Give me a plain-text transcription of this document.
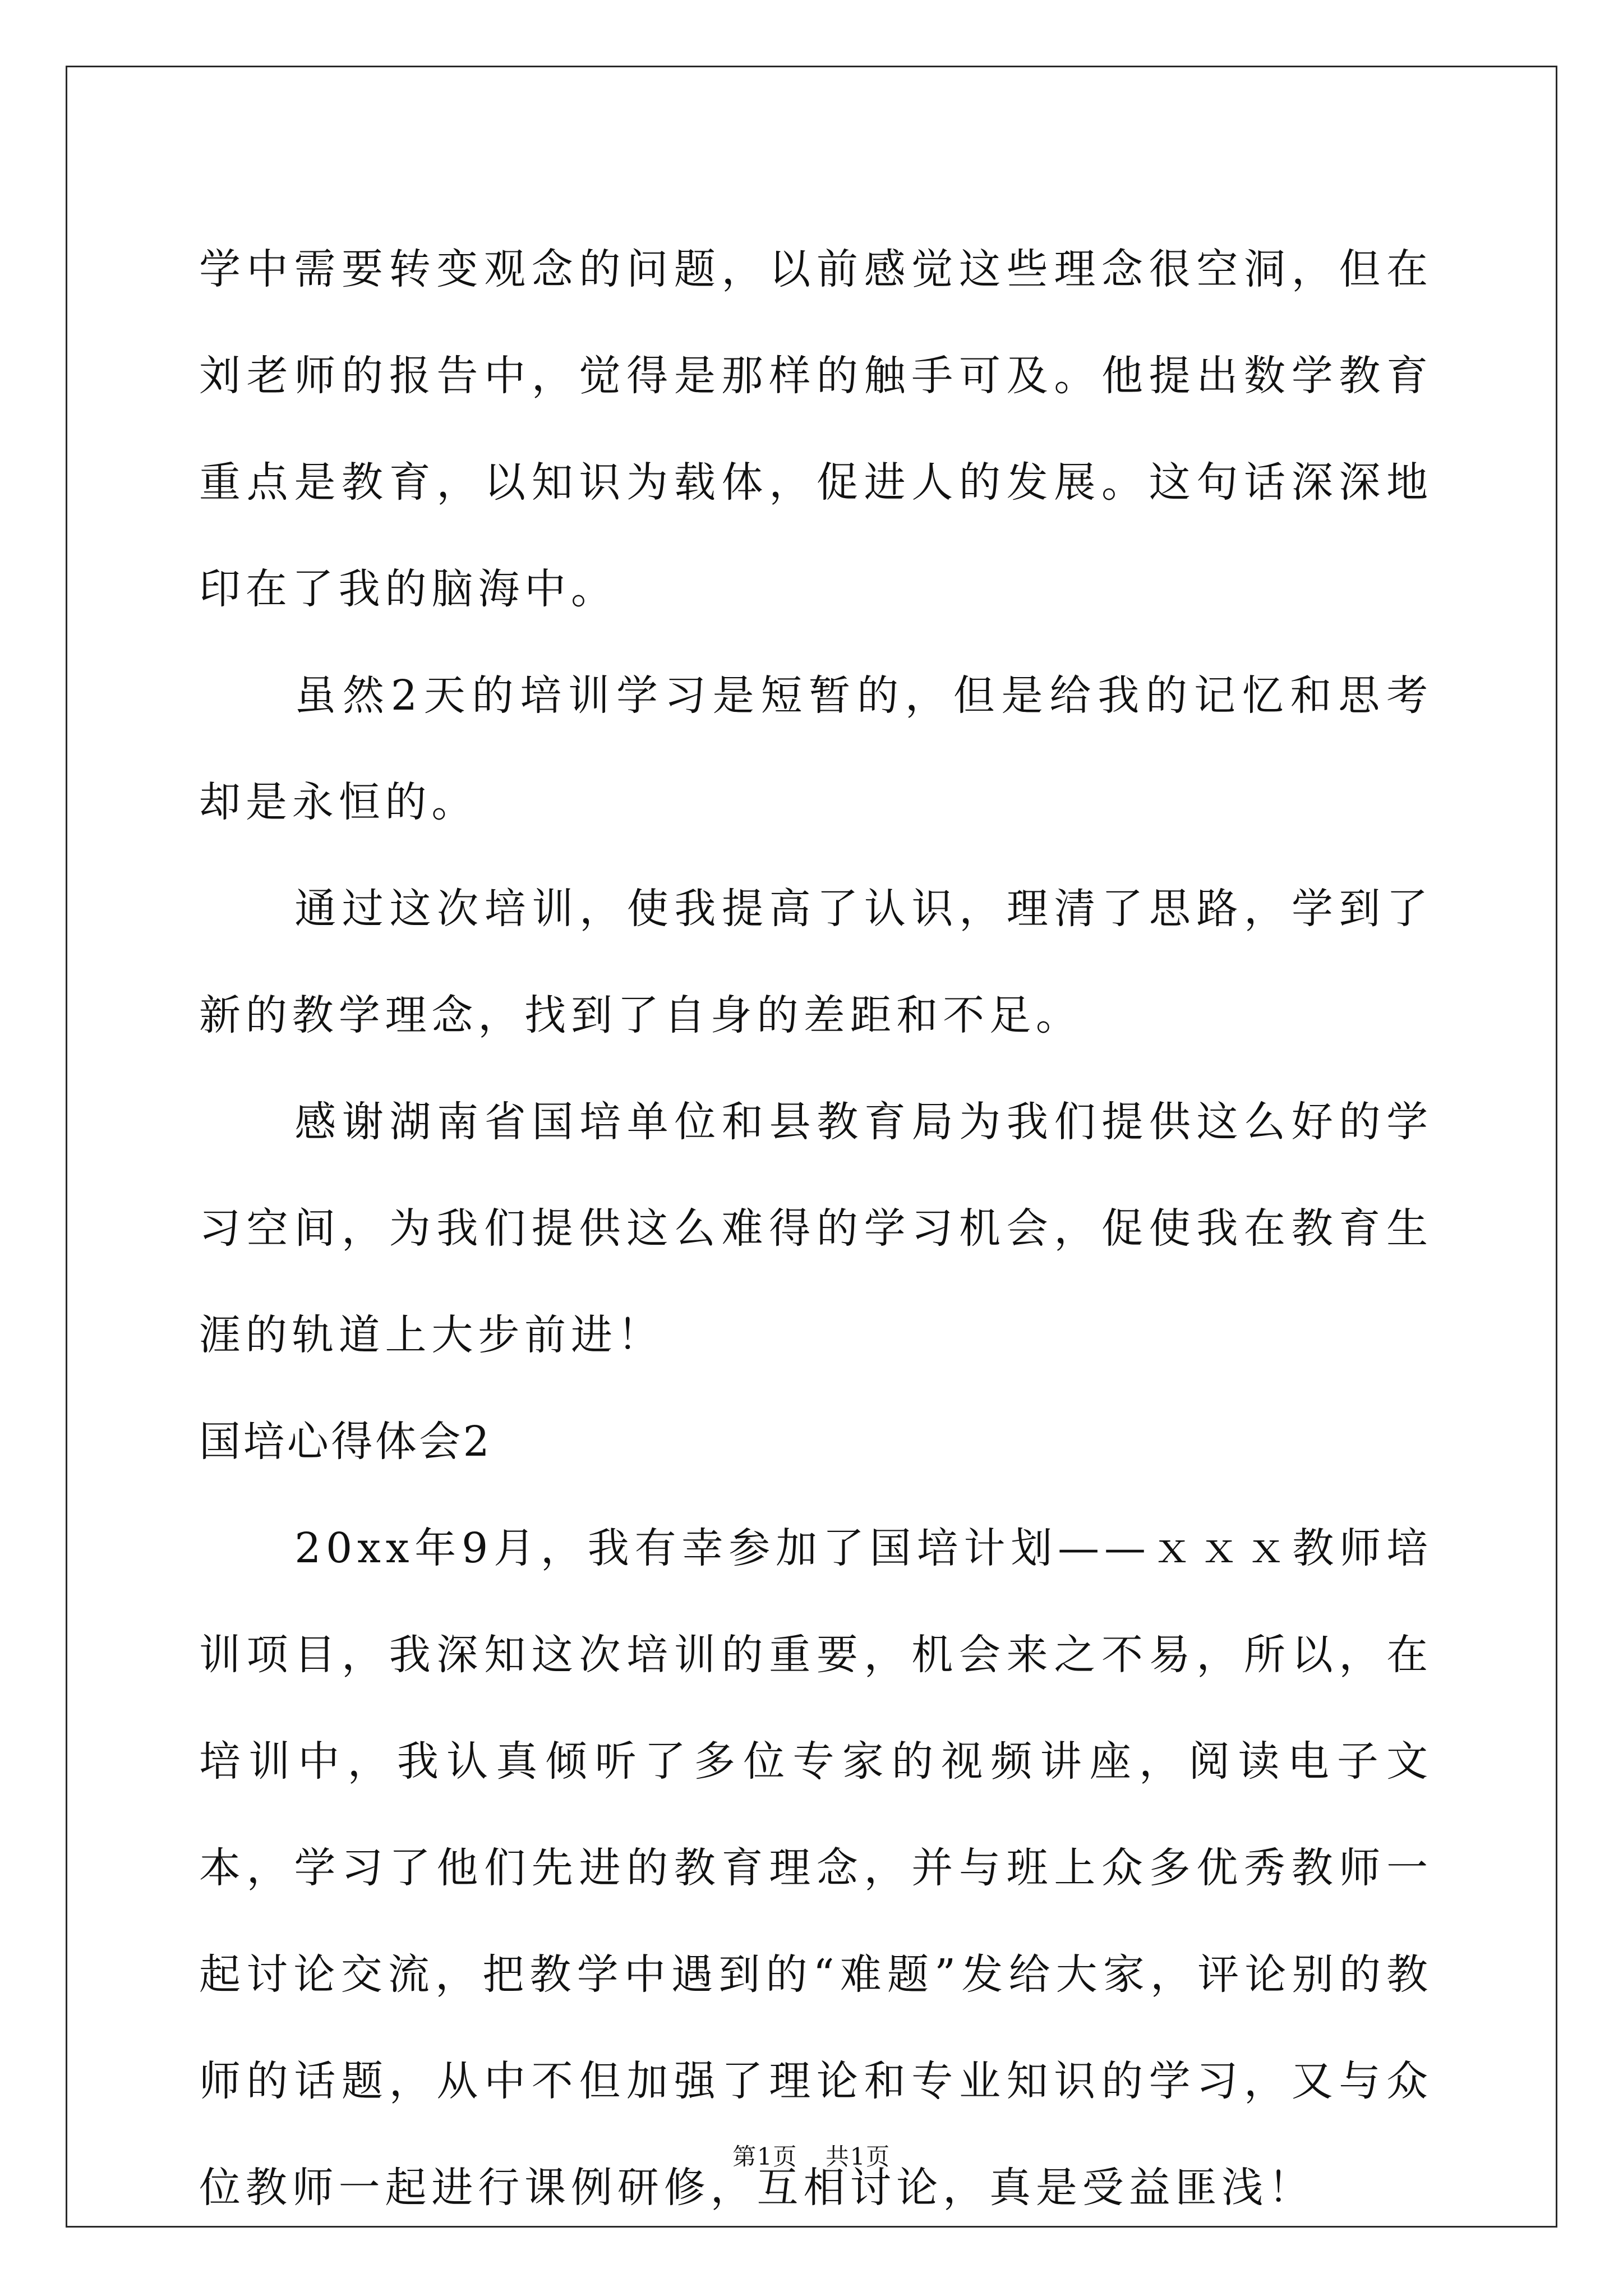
学中需要转变观念的问题，以前感觉这些理念很空洞，但在刘老师的报告中，觉得是那样的触手可及。他提出数学教育重点是教育，以知识为载体，促进人的发展。这句话深深地印在了我的脑海中。

虽然2天的培训学习是短暂的，但是给我的记忆和思考却是永恒的。

通过这次培训，使我提高了认识，理清了思路，学到了新的教学理念，找到了自身的差距和不足。

感谢湖南省国培单位和县教育局为我们提供这么好的学习空间，为我们提供这么难得的学习机会，促使我在教育生涯的轨道上大步前进！

国培心得体会2

20xx年9月，我有幸参加了国培计划——ｘｘｘ教师培训项目，我深知这次培训的重要，机会来之不易，所以，在培训中，我认真倾听了多位专家的视频讲座，阅读电子文本，学习了他们先进的教育理念，并与班上众多优秀教师一起讨论交流，把教学中遇到的“难题”发给大家，评论别的教师的话题，从中不但加强了理论和专业知识的学习，又与众位教师一起进行课例研修，互相讨论，真是受益匪浅！

第1页 共1页
